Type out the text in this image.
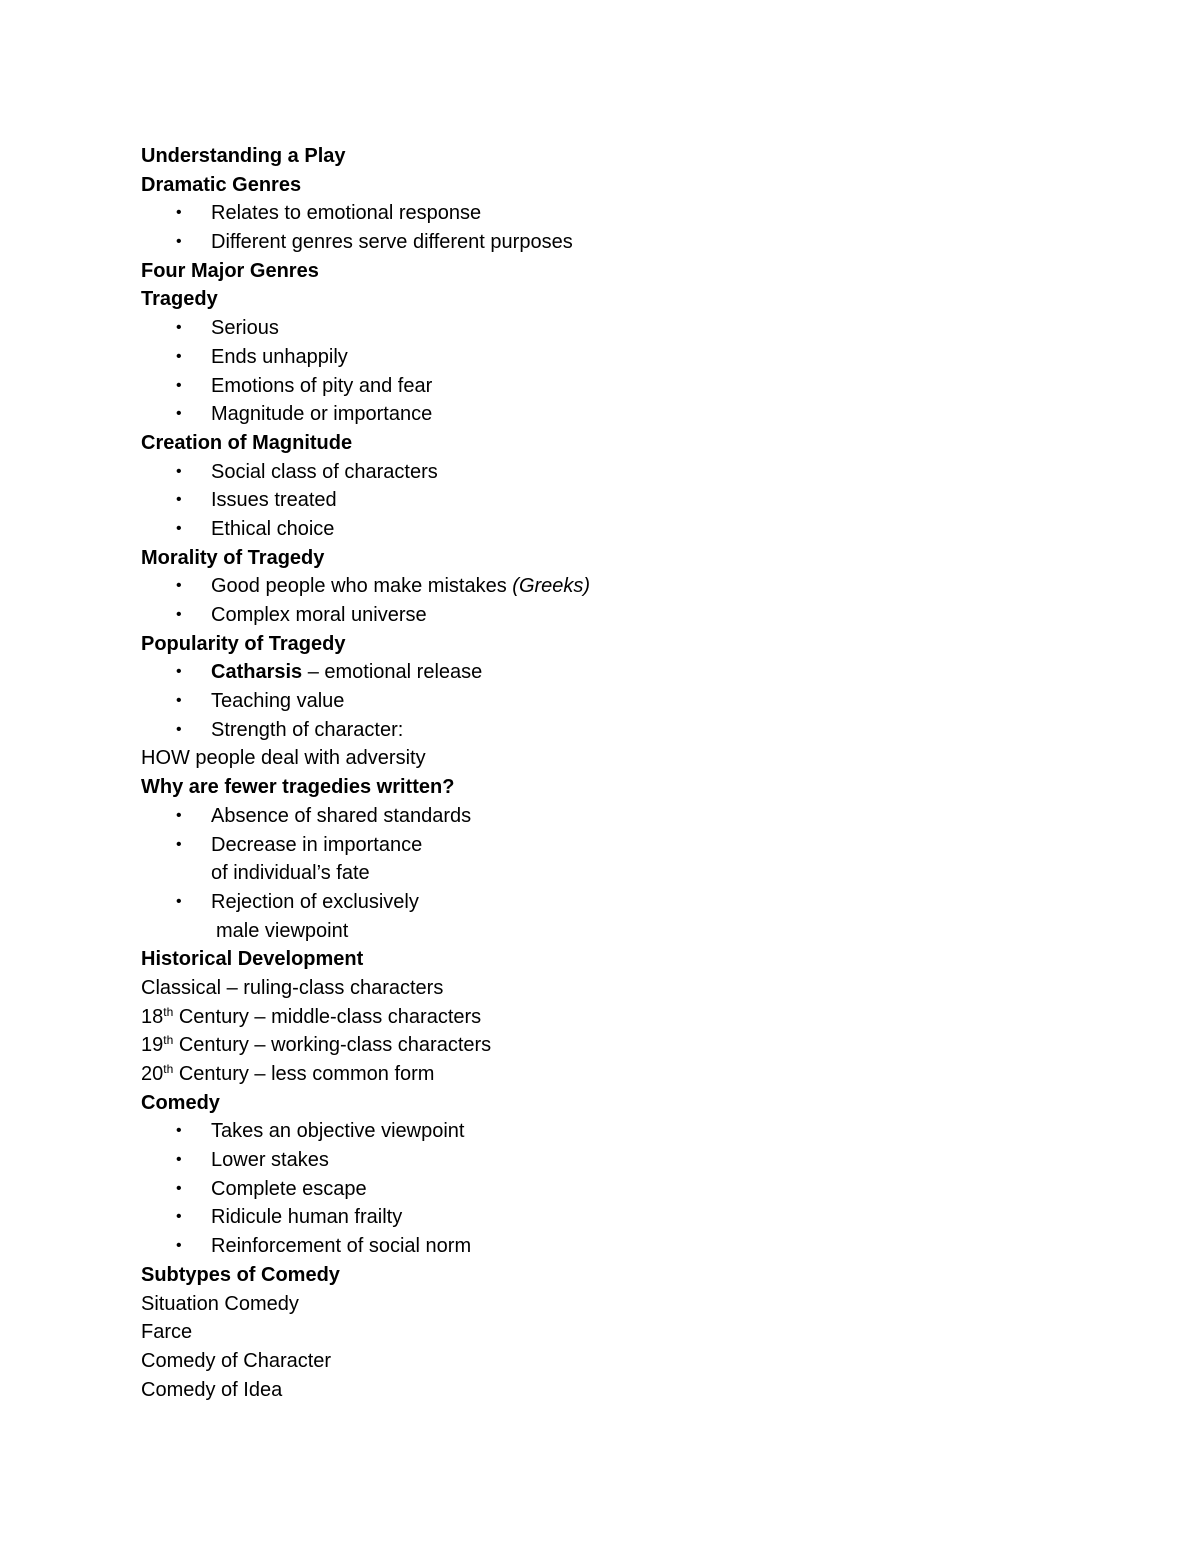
Understanding a Play
Dramatic Genres
• Relates to emotional response
• Different genres serve different purposes
Four Major Genres
Tragedy
• Serious
• Ends unhappily
• Emotions of pity and fear
• Magnitude or importance
Creation of Magnitude
• Social class of characters
• Issues treated
• Ethical choice
Morality of Tragedy
• Good people who make mistakes (Greeks)
• Complex moral universe
Popularity of Tragedy
• Catharsis – emotional release
• Teaching value
• Strength of character:
HOW people deal with adversity
Why are fewer tragedies written?
• Absence of shared standards
• Decrease in importance
of individual’s fate
• Rejection of exclusively
male viewpoint
Historical Development
Classical – ruling-class characters
18th Century – middle-class characters
19th Century – working-class characters
20th Century – less common form
Comedy
• Takes an objective viewpoint
• Lower stakes
• Complete escape
• Ridicule human frailty
• Reinforcement of social norm
Subtypes of Comedy
Situation Comedy
Farce
Comedy of Character
Comedy of Idea
